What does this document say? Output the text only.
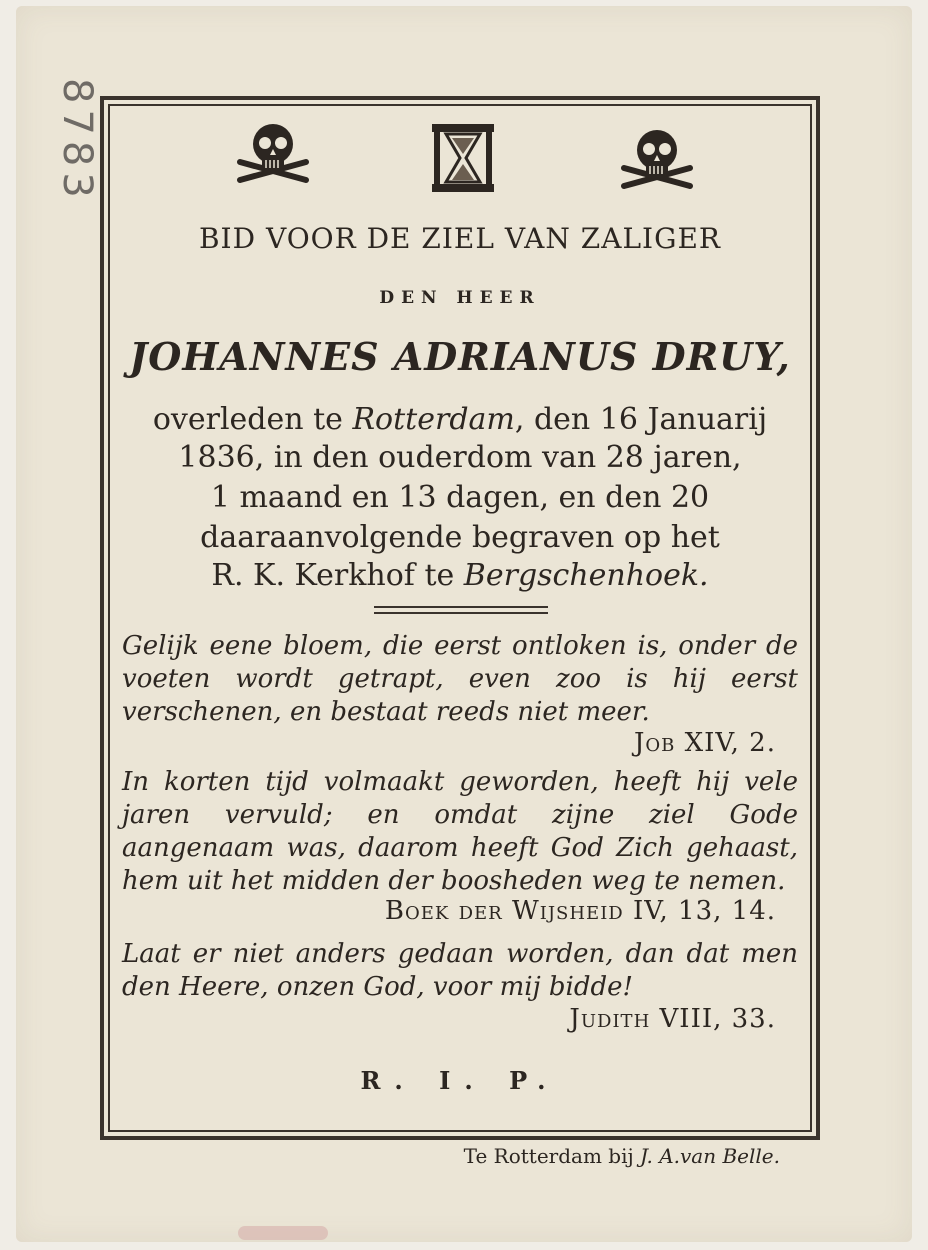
BID VOOR DE ZIEL VAN ZALIGER
DEN HEER
JOHANNES ADRIANUS DRUY,
overleden te Rotterdam, den 16 Januarij
1836, in den ouderdom van 28 jaren,
1 maand en 13 dagen, en den 20
daaraanvolgende begraven op het
R. K. Kerkhof te Bergschenhoek.
Gelijk eene bloem, die eerst ontloken is, onder de voeten wordt getrapt, even zoo is hij eerst verschenen, en bestaat reeds niet meer.
Job XIV, 2.
In korten tijd volmaakt geworden, heeft hij vele jaren vervuld; en omdat zijne ziel Gode aangenaam was, daarom heeft God Zich gehaast, hem uit het midden der boosheden weg te nemen.
Boek der Wijsheid IV, 13, 14.
Laat er niet anders gedaan worden, dan dat men den Heere, onzen God, voor mij bidde!
Judith VIII, 33.
R. I. P.
Te Rotterdam bij J. A.van Belle.
